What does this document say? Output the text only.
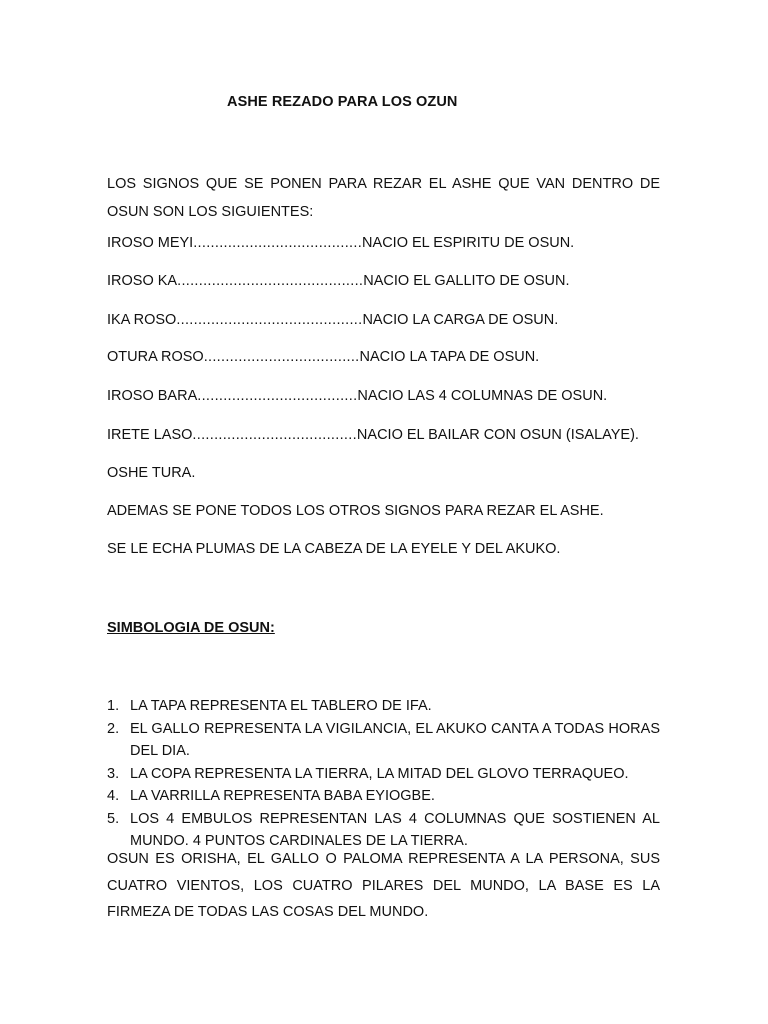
ASHE REZADO PARA LOS OZUN
LOS SIGNOS QUE SE PONEN PARA REZAR EL ASHE QUE VAN DENTRO DE OSUN SON LOS SIGUIENTES:
IROSO MEYI.......................................NACIO EL ESPIRITU DE OSUN.
IROSO KA...........................................NACIO EL GALLITO DE OSUN.
IKA ROSO...........................................NACIO LA CARGA DE OSUN.
OTURA ROSO....................................NACIO LA TAPA DE OSUN.
IROSO BARA.....................................NACIO LAS 4 COLUMNAS DE OSUN.
IRETE LASO......................................NACIO EL BAILAR CON OSUN (ISALAYE).
OSHE TURA.
ADEMAS SE PONE TODOS LOS OTROS SIGNOS PARA REZAR EL ASHE.
SE LE ECHA PLUMAS DE LA CABEZA DE LA EYELE Y DEL AKUKO.
SIMBOLOGIA DE OSUN:
1. LA TAPA REPRESENTA EL TABLERO DE IFA.
2. EL GALLO REPRESENTA LA VIGILANCIA, EL AKUKO CANTA A TODAS HORAS DEL DIA.
3. LA COPA REPRESENTA LA TIERRA, LA MITAD DEL GLOVO TERRAQUEO.
4. LA VARRILLA REPRESENTA BABA EYIOGBE.
5. LOS 4 EMBULOS REPRESENTAN LAS 4 COLUMNAS QUE SOSTIENEN AL MUNDO. 4 PUNTOS CARDINALES DE LA TIERRA.
OSUN ES ORISHA, EL GALLO O PALOMA REPRESENTA A LA PERSONA, SUS CUATRO VIENTOS, LOS CUATRO PILARES DEL MUNDO, LA BASE ES LA FIRMEZA DE TODAS LAS COSAS DEL MUNDO.
